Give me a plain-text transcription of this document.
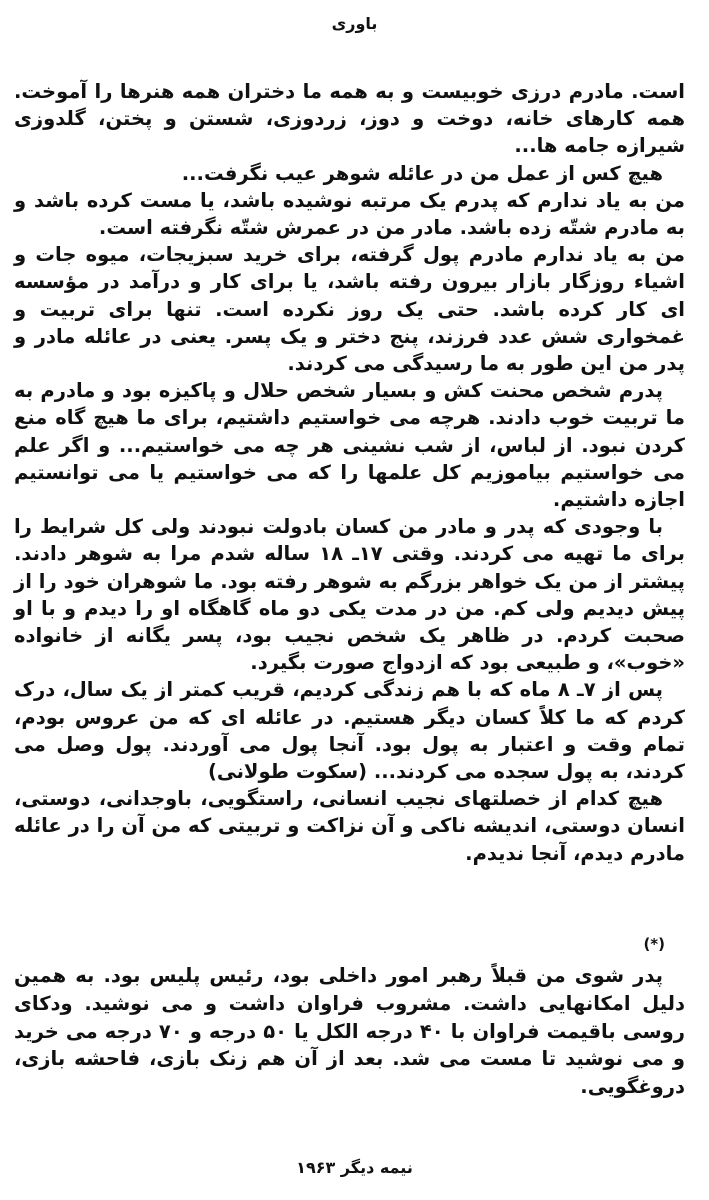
باوری

است. مادرم درزی خوبیست و به همه ما دختران همه هنرها را آموخت. همه کارهای خانه، دوخت و دوز، زردوزی، شستن و پختن، گلدوزی شیرازه جامه ها...

هیچ کس از عمل من در عائله شوهر عیب نگرفت...

من به یاد ندارم که پدرم یک مرتبه نوشیده باشد، یا مست کرده باشد و به مادرم شتّه زده باشد. مادر من در عمرش شتّه نگرفته است.

من به یاد ندارم مادرم پول گرفته، برای خرید سبزیجات، میوه جات و اشیاء روزگار بازار بیرون رفته باشد، یا برای کار و درآمد در مؤسسه ای کار کرده باشد. حتی یک روز نکرده است. تنها برای تربیت و غمخواری شش عدد فرزند، پنج دختر و یک پسر. یعنی در عائله مادر و پدر من این طور به ما رسیدگی می کردند.

پدرم شخص محنت کش و بسیار شخص حلال و پاکیزه بود و مادرم به ما تربیت خوب دادند. هرچه می خواستیم داشتیم، برای ما هیچ گاه منع کردن نبود. از لباس، از شب نشینی هر چه می خواستیم... و اگر علم می خواستیم بیاموزیم کل علمها را که می خواستیم یا می توانستیم اجازه داشتیم.

با وجودی که پدر و مادر من کسان بادولت نبودند ولی کل شرایط را برای ما تهیه می کردند. وقتی ۱۷ـ ۱۸ ساله شدم مرا به شوهر دادند. پیشتر از من یک خواهر بزرگم به شوهر رفته بود. ما شوهران خود را از پیش دیدیم ولی کم. من در مدت یکی دو ماه گاهگاه او را دیدم و با او صحبت کردم. در ظاهر یک شخص نجیب بود، پسر یگانه از خانواده «خوب»، و طبیعی بود که ازدواج صورت بگیرد.

پس از ۷ـ ۸ ماه که با هم زندگی کردیم، قریب کمتر از یک سال، درک کردم که ما کلاً کسان دیگر هستیم. در عائله ای که من عروس بودم، تمام وقت و اعتبار به پول بود. آنجا پول می آوردند. پول وصل می کردند، به پول سجده می کردند... (سکوت طولانی)

هیچ کدام از خصلتهای نجیب انسانی، راستگویی، باوجدانی، دوستی، انسان دوستی، اندیشه ناکی و آن نزاکت و تربیتی که من آن را در عائله مادرم دیدم، آنجا ندیدم.

(*)

پدر شوی من قبلاً رهبر امور داخلی بود، رئیس پلیس بود. به همین دلیل امکانهایی داشت. مشروب فراوان داشت و می نوشید. ودکای روسی باقیمت فراوان با ۴۰ درجه الکل یا ۵۰ درجه و ۷۰ درجه می خرید و می نوشید تا مست می شد. بعد از آن هم زنک بازی، فاحشه بازی، دروغگویی.

نیمه دیگر ۱۹۶۳
